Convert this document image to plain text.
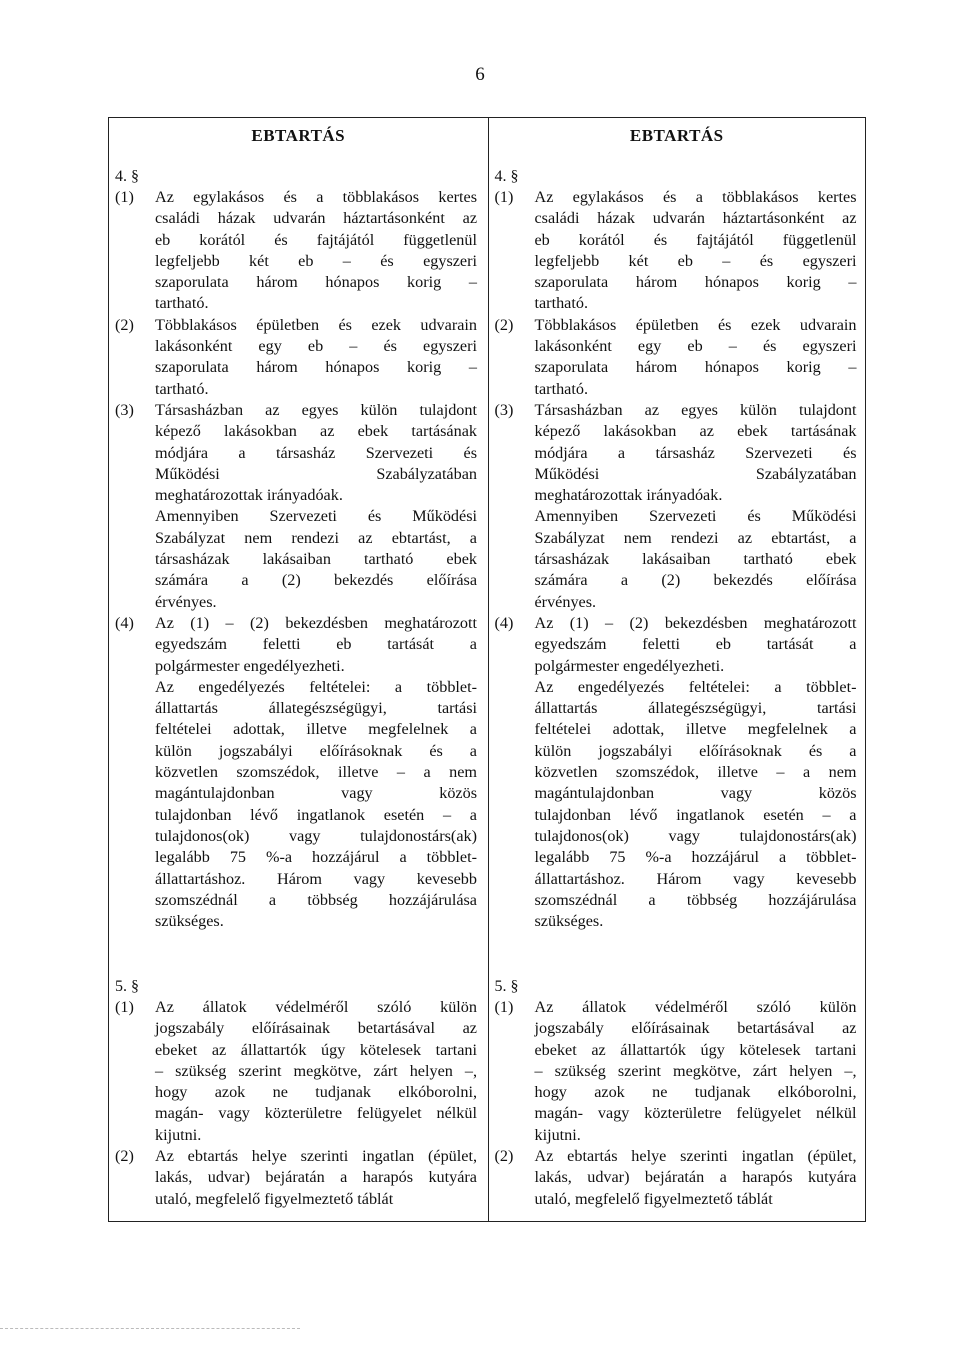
6
EBTARTÁS
4. §
(1)	Az egylakásos és a többlakásos kertes
családi házak udvarán háztartásonként az
eb korától és fajtájától függetlenül
legfeljebb két eb – és egyszeri
szaporulata három hónapos korig –
tartható.
(2)	Többlakásos épületben és ezek udvarain
lakásonként egy eb – és egyszeri
szaporulata három hónapos korig –
tartható.
(3)	Társasházban az egyes külön tulajdont
képező lakásokban az ebek tartásának
módjára a társasház Szervezeti és
Működési Szabályzatában
meghatározottak irányadóak.
Amennyiben Szervezeti és Működési
Szabályzat nem rendezi az ebtartást, a
társasházak lakásaiban tartható ebek
számára a (2) bekezdés előírása
érvényes.
(4)	Az (1) – (2) bekezdésben meghatározott
egyedszám feletti eb tartását a
polgármester engedélyezheti.
Az engedélyezés feltételei: a többlet-
állattartás állategészségügyi, tartási
feltételei adottak, illetve megfelelnek a
külön jogszabályi előírásoknak és a
közvetlen szomszédok, illetve – a nem
magántulajdonban vagy közös
tulajdonban lévő ingatlanok esetén – a
tulajdonos(ok) vagy tulajdonostárs(ak)
legalább 75 %-a hozzájárul a többlet-
állattartáshoz. Három vagy kevesebb
szomszédnál a többség hozzájárulása
szükséges.
5. §
(1)	Az állatok védelméről szóló külön
jogszabály előírásainak betartásával az
ebeket az állattartók úgy kötelesek tartani
– szükség szerint megkötve, zárt helyen –,
hogy azok ne tudjanak elkóborolni,
magán- vagy közterületre felügyelet nélkül
kijutni.
(2)	Az ebtartás helye szerinti ingatlan (épület,
lakás, udvar) bejáratán a harapós kutyára
utaló, megfelelő figyelmeztető táblát
EBTARTÁS
4. §
(1)	Az egylakásos és a többlakásos kertes
családi házak udvarán háztartásonként az
eb korától és fajtájától függetlenül
legfeljebb két eb – és egyszeri
szaporulata három hónapos korig –
tartható.
(2)	Többlakásos épületben és ezek udvarain
lakásonként egy eb – és egyszeri
szaporulata három hónapos korig –
tartható.
(3)	Társasházban az egyes külön tulajdont
képező lakásokban az ebek tartásának
módjára a társasház Szervezeti és
Működési Szabályzatában
meghatározottak irányadóak.
Amennyiben Szervezeti és Működési
Szabályzat nem rendezi az ebtartást, a
társasházak lakásaiban tartható ebek
számára a (2) bekezdés előírása
érvényes.
(4)	Az (1) – (2) bekezdésben meghatározott
egyedszám feletti eb tartását a
polgármester engedélyezheti.
Az engedélyezés feltételei: a többlet-
állattartás állategészségügyi, tartási
feltételei adottak, illetve megfelelnek a
külön jogszabályi előírásoknak és a
közvetlen szomszédok, illetve – a nem
magántulajdonban vagy közös
tulajdonban lévő ingatlanok esetén – a
tulajdonos(ok) vagy tulajdonostárs(ak)
legalább 75 %-a hozzájárul a többlet-
állattartáshoz. Három vagy kevesebb
szomszédnál a többség hozzájárulása
szükséges.
5. §
(1)	Az állatok védelméről szóló külön
jogszabály előírásainak betartásával az
ebeket az állattartók úgy kötelesek tartani
– szükség szerint megkötve, zárt helyen –,
hogy azok ne tudjanak elkóborolni,
magán- vagy közterületre felügyelet nélkül
kijutni.
(2)	Az ebtartás helye szerinti ingatlan (épület,
lakás, udvar) bejáratán a harapós kutyára
utaló, megfelelő figyelmeztető táblát
